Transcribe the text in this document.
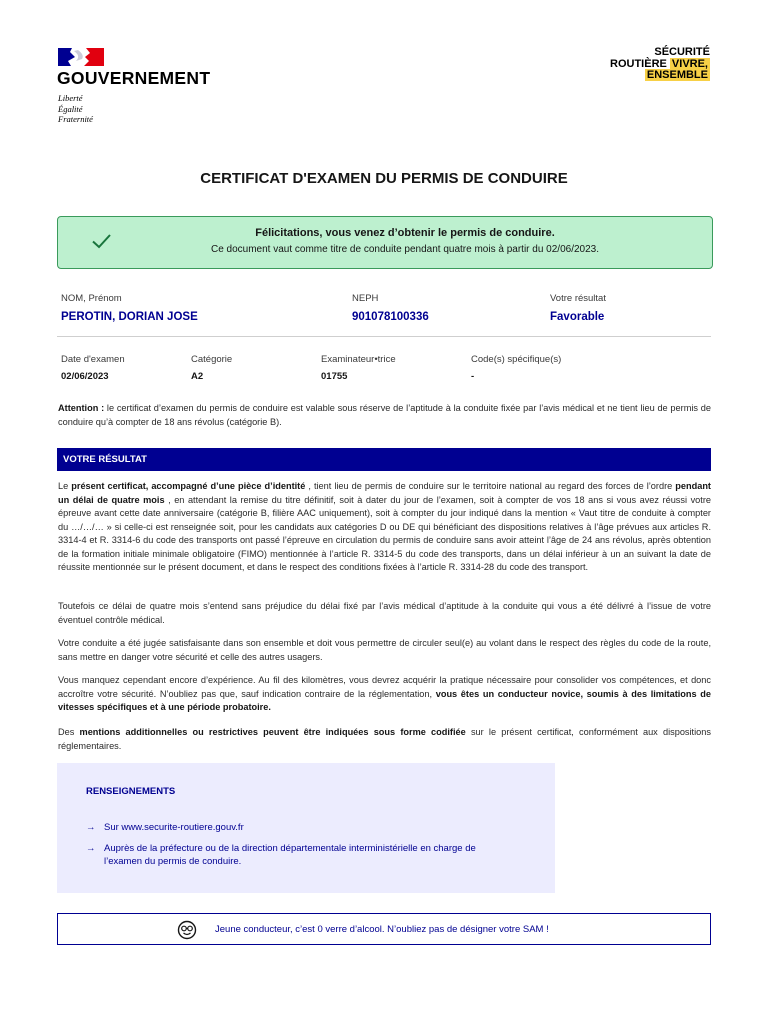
GOUVERNEMENT
Liberté
Égalité
Fraternité
SÉCURITÉ
ROUTIÈRE VIVRE,
ENSEMBLE
CERTIFICAT D'EXAMEN DU PERMIS DE CONDUIRE
Félicitations, vous venez d’obtenir le permis de conduire.
Ce document vaut comme titre de conduite pendant quatre mois à partir du 02/06/2023.
NOM, Prénom
PEROTIN, DORIAN JOSE
NEPH
901078100336
Votre résultat
Favorable
Date d'examen
02/06/2023
Catégorie
A2
Examinateur•trice
01755
Code(s) spécifique(s)
-
Attention : le certificat d’examen du permis de conduire est valable sous réserve de l’aptitude à la conduite fixée par l’avis médical et ne tient lieu de permis de conduire qu’à compter de 18 ans révolus (catégorie B).
VOTRE RÉSULTAT
Le présent certificat, accompagné d’une pièce d’identité , tient lieu de permis de conduire sur le territoire national au regard des forces de l’ordre pendant un délai de quatre mois , en attendant la remise du titre définitif, soit à dater du jour de l’examen, soit à compter de vos 18 ans si vous avez réussi votre épreuve avant cette date anniversaire (catégorie B, filière AAC uniquement), soit à compter du jour indiqué dans la mention « Vaut titre de conduite à compter du …/…/… » si celle-ci est renseignée soit, pour les candidats aux catégories D ou DE qui bénéficiant des dispositions relatives à l’âge prévues aux articles R. 3314-4 et R. 3314-6 du code des transports ont passé l’épreuve en circulation du permis de conduire sans avoir atteint l’âge de 24 ans révolus, après obtention de la formation initiale minimale obligatoire (FIMO) mentionnée à l’article R. 3314-5 du code des transports, dans un délai inférieur à un an suivant la date de réussite mentionnée sur le présent document, et dans le respect des conditions fixées à l’article R. 3314-28 du code des transport.
Toutefois ce délai de quatre mois s’entend sans préjudice du délai fixé par l’avis médical d’aptitude à la conduite qui vous a été délivré à l’issue de votre éventuel contrôle médical.
Votre conduite a été jugée satisfaisante dans son ensemble et doit vous permettre de circuler seul(e) au volant dans le respect des règles du code de la route, sans mettre en danger votre sécurité et celle des autres usagers.
Vous manquez cependant encore d’expérience. Au fil des kilomètres, vous devrez acquérir la pratique nécessaire pour consolider vos compétences, et donc accroître votre sécurité. N’oubliez pas que, sauf indication contraire de la réglementation, vous êtes un conducteur novice, soumis à des limitations de vitesses spécifiques et à une période probatoire.
Des mentions additionnelles ou restrictives peuvent être indiquées sous forme codifiée sur le présent certificat, conformément aux dispositions réglementaires.
RENSEIGNEMENTS
→ Sur www.securite-routiere.gouv.fr
→ Auprès de la préfecture ou de la direction départementale interministérielle en charge de l’examen du permis de conduire.
Jeune conducteur, c’est 0 verre d’alcool. N’oubliez pas de désigner votre SAM !
